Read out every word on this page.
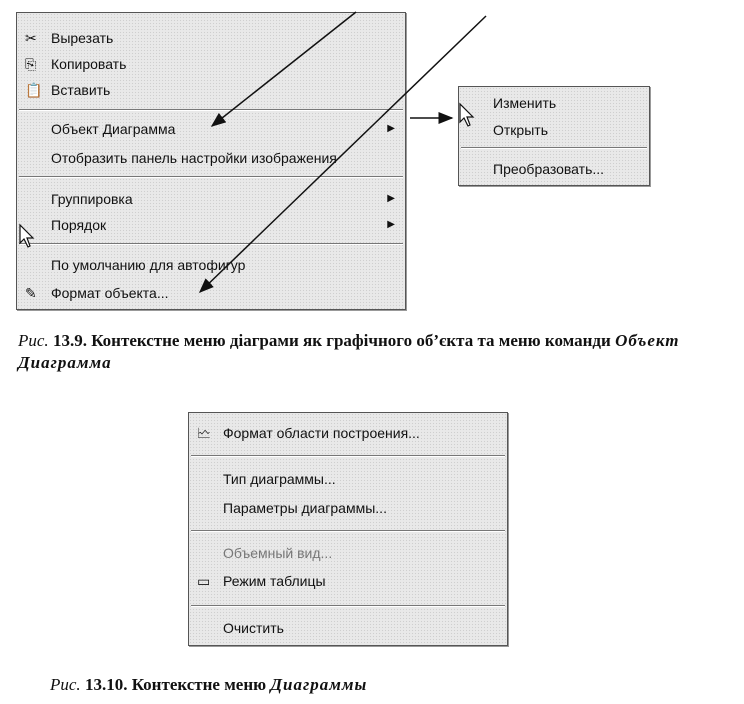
✂	Вырезать
⎘	Копировать
📋 Вставить
Объект Диаграмма	▶
Отобразить панель настройки изображения
Группировка	▶
Порядок	▶
По умолчанию для автофигур
✎	Формат объекта...
Изменить
Открыть
Преобразовать...
Рис. 13.9. Контекстне меню діаграми як графічного об’єкта та меню команди Объект Диаграмма
🗠 Формат области построения...
Тип диаграммы...
Параметры диаграммы...
Объемный вид...
▭ Режим таблицы
Очистить
Рис. 13.10. Контекстне меню Диаграммы
